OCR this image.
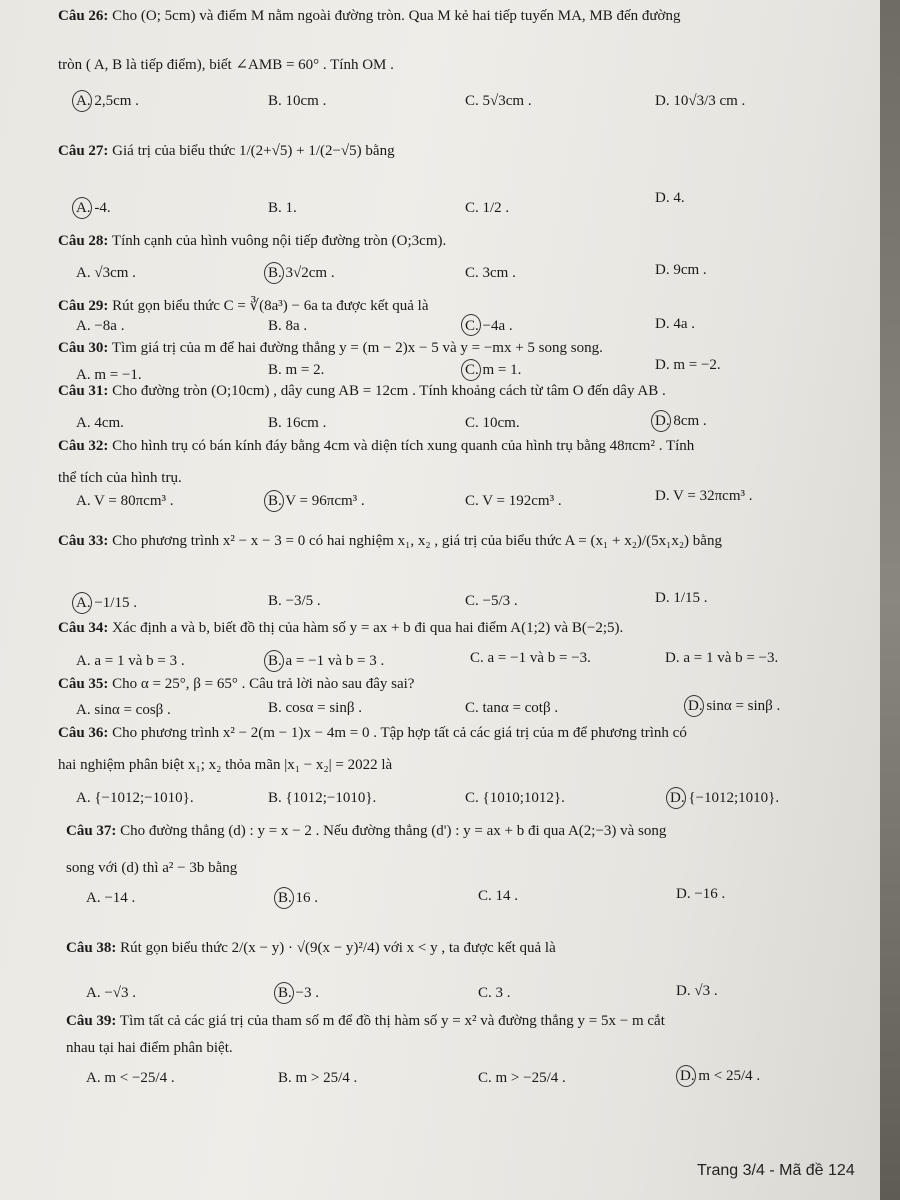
Câu 26: Cho (O; 5cm) và điểm M nằm ngoài đường tròn. Qua M kẻ hai tiếp tuyến MA, MB đến đường
tròn ( A, B là tiếp điểm), biết ∠AMB = 60° . Tính OM .
A. 2,5cm .	B. 10cm .	C. 5√3cm .	D. 10√3/3 cm .
Câu 27: Giá trị của biểu thức 1/(2+√5) + 1/(2−√5) bằng
A. -4.	B. 1.	C. 1/2 .
D. 4.
Câu 28: Tính cạnh của hình vuông nội tiếp đường tròn (O;3cm).
A. √3cm .	B. 3√2cm .	C. 3cm .	D. 9cm .
Câu 29: Rút gọn biểu thức C = ∛(8a³) − 6a ta được kết quả là
A. −8a .	B. 8a .	C. −4a .	D. 4a .
Câu 30: Tìm giá trị của m để hai đường thẳng y = (m − 2)x − 5 và y = −mx + 5 song song.
A. m = −1.	B. m = 2.	C. m = 1.	D. m = −2.
Câu 31: Cho đường tròn (O;10cm) , dây cung AB = 12cm . Tính khoảng cách từ tâm O đến dây AB .
A. 4cm.	B. 16cm .	C. 10cm.	D. 8cm .
Câu 32: Cho hình trụ có bán kính đáy bằng 4cm và diện tích xung quanh của hình trụ bằng 48πcm² . Tính
thể tích của hình trụ.
A. V = 80πcm³ .	B. V = 96πcm³ .	C. V = 192cm³ .	D. V = 32πcm³ .
Câu 33: Cho phương trình x² − x − 3 = 0 có hai nghiệm x₁, x₂ , giá trị của biểu thức A = (x₁ + x₂)/(5x₁x₂) bằng
A. −1/15 .	B. −3/5 .	C. −5/3 .	D. 1/15 .
Câu 34: Xác định a và b, biết đồ thị của hàm số y = ax + b đi qua hai điểm A(1;2) và B(−2;5).
A. a = 1 và b = 3 .	B. a = −1 và b = 3 .	C. a = −1 và b = −3.	D. a = 1 và b = −3.
Câu 35: Cho α = 25°, β = 65° . Câu trả lời nào sau đây sai?
A. sinα = cosβ .	B. cosα = sinβ .	C. tanα = cotβ .	D. sinα = sinβ .
Câu 36: Cho phương trình x² − 2(m − 1)x − 4m = 0 . Tập hợp tất cả các giá trị của m để phương trình có
hai nghiệm phân biệt x₁; x₂ thỏa mãn |x₁ − x₂| = 2022 là
A. {−1012;−1010}.	B. {1012;−1010}.	C. {1010;1012}.	D. {−1012;1010}.
Câu 37: Cho đường thẳng (d) : y = x − 2 . Nếu đường thẳng (d') : y = ax + b đi qua A(2;−3) và song
song với (d) thì a² − 3b bằng
A. −14 .	B. 16 .	C. 14 .	D. −16 .
Câu 38: Rút gọn biểu thức 2/(x − y) · √(9(x − y)²/4) với x < y , ta được kết quả là
A. −√3 .	B. −3 .	C. 3 .	D. √3 .
Câu 39: Tìm tất cả các giá trị của tham số m để đồ thị hàm số y = x² và đường thẳng y = 5x − m cắt
nhau tại hai điểm phân biệt.
A. m < −25/4 .	B. m > 25/4 .	C. m > −25/4 .	D. m < 25/4 .
Trang 3/4 - Mã đề 124
